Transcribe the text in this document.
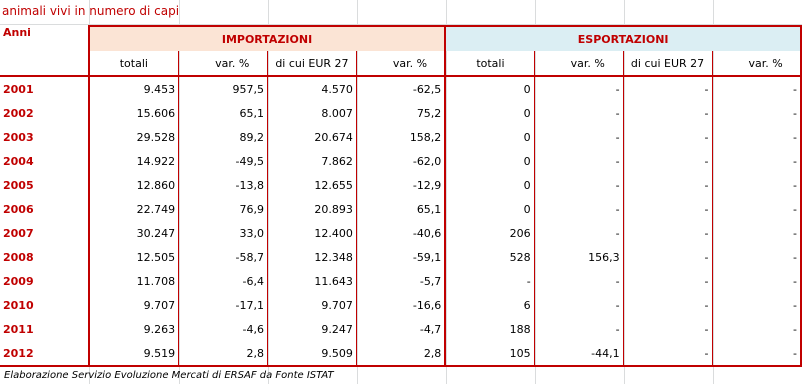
animali vivi in numero di capi
Anni	IMPORTAZIONI				ESPORTAZIONI			
	totali	var. %	di cui EUR 27	var. %	totali	var. %	di cui EUR 27	var. %
2001	9.453	957,5	4.570	-62,5	0	-	-	-
2002	15.606	65,1	8.007	75,2	0	-	-	-
2003	29.528	89,2	20.674	158,2	0	-	-	-
2004	14.922	-49,5	7.862	-62,0	0	-	-	-
2005	12.860	-13,8	12.655	-12,9	0	-	-	-
2006	22.749	76,9	20.893	65,1	0	-	-	-
2007	30.247	33,0	12.400	-40,6	206	-	-	-
2008	12.505	-58,7	12.348	-59,1	528	156,3	-	-
2009	11.708	-6,4	11.643	-5,7	-	-	-	-
2010	9.707	-17,1	9.707	-16,6	6	-	-	-
2011	9.263	-4,6	9.247	-4,7	188	-	-	-
2012	9.519	2,8	9.509	2,8	105	-44,1	-	-
Elaborazione Servizio Evoluzione Mercati di ERSAF da Fonte ISTAT
